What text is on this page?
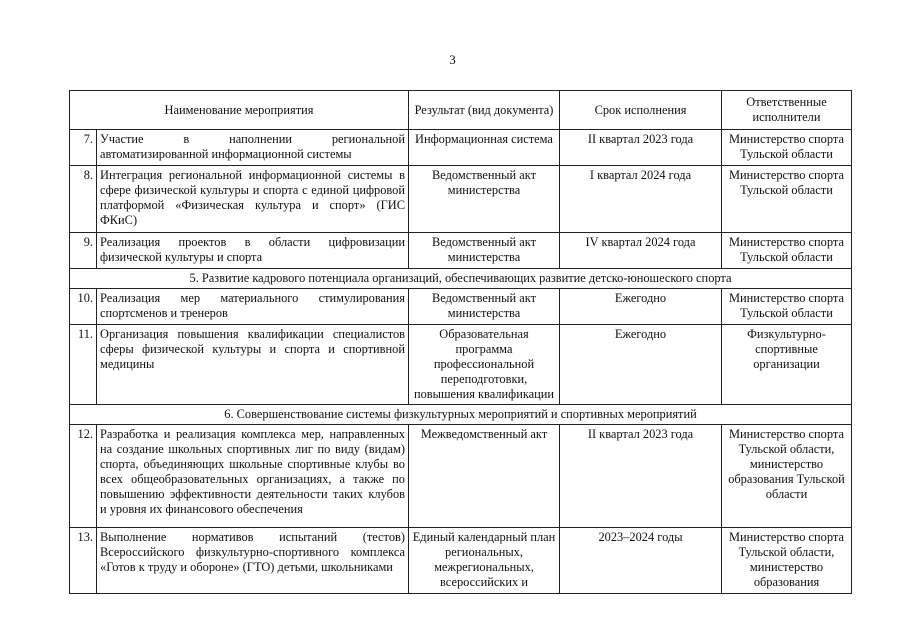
3
Наименование мероприятия		Результат (вид документа)	Срок исполнения	Ответственные исполнители
7.	Участие в наполнении региональной автоматизированной информационной системы	Информационная система	II квартал 2023 года	Министерство спорта Тульской области
8.	Интеграция региональной информационной системы в сфере физической культуры и спорта с единой цифровой платформой «Физическая культура и спорт» (ГИС ФКиС)	Ведомственный акт министерства	I квартал 2024 года	Министерство спорта Тульской области
9.	Реализация проектов в области цифровизации физической культуры и спорта	Ведомственный акт министерства	IV квартал 2024 года	Министерство спорта Тульской области
5. Развитие кадрового потенциала организаций, обеспечивающих развитие детско-юношеского спорта				
10.	Реализация мер материального стимулирования спортсменов и тренеров	Ведомственный акт министерства	Ежегодно	Министерство спорта Тульской области
11.	Организация повышения квалификации специалистов сферы физической культуры и спорта и спортивной медицины	Образовательная программа профессиональной переподготовки, повышения квалификации	Ежегодно	Физкультурно-спортивные организации
6. Совершенствование системы физкультурных мероприятий и спортивных мероприятий				
12.	Разработка и реализация комплекса мер, направленных на создание школьных спортивных лиг по виду (видам) спорта, объединяющих школьные спортивные клубы во всех общеобразовательных организациях, а также по повышению эффективности деятельности таких клубов и уровня их финансового обеспечения	Межведомственный акт	II квартал 2023 года	Министерство спорта Тульской области, министерство образования Тульской области
13.	Выполнение нормативов испытаний (тестов) Всероссийского физкультурно-спортивного комплекса «Готов к труду и обороне» (ГТО) детьми, школьниками	Единый календарный план региональных, межрегиональных, всероссийских и	2023–2024 годы	Министерство спорта Тульской области, министерство образования
